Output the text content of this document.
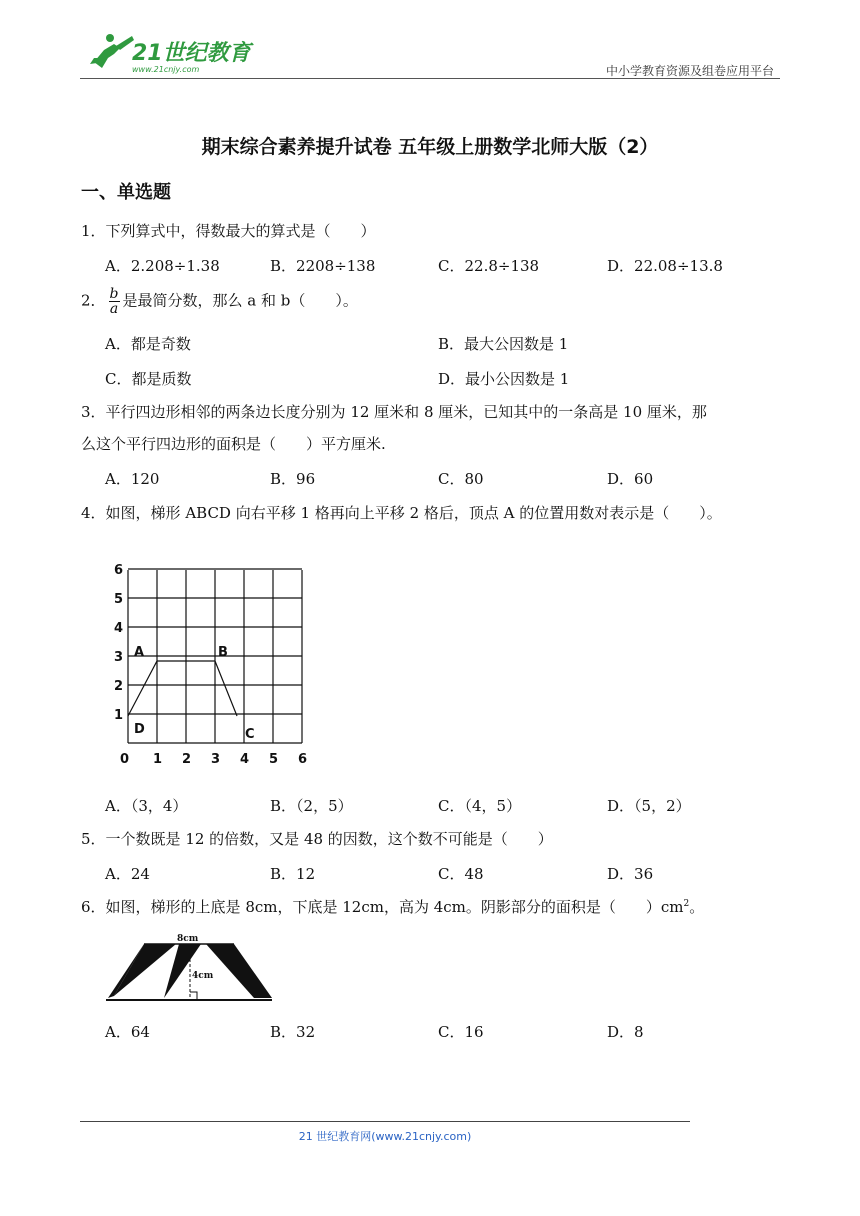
21世纪教育
www.21cnjy.com	中小学教育资源及组卷应用平台
期末综合素养提升试卷 五年级上册数学北师大版（2）
一、单选题
1．下列算式中，得数最大的算式是（　　）
A．2.208÷1.38	B．2208÷138	C．22.8÷138	D．22.08÷13.8
2． $\frac{b}{a}$ 是最简分数，那么 a 和 b（　　）。
A．都是奇数	B．最大公因数是 1
C．都是质数	D．最小公因数是 1
3．平行四边形相邻的两条边长度分别为 12 厘米和 8 厘米，已知其中的一条高是 10 厘米，那
么这个平行四边形的面积是（　　）平方厘米.
A．120	B．96	C．80	D．60
4．如图，梯形 ABCD 向右平移 1 格再向上平移 2 格后，顶点 A 的位置用数对表示是（　　）。
A	B
C
D
0 1 2 3 4 5 6
1
2
3
4
5
6
A．（3，4）	B．（2，5）	C．（4，5）	D．（5，2）
5．一个数既是 12 的倍数，又是 48 的因数，这个数不可能是（　　）
A．24	B．12	C．48	D．36
6．如图，梯形的上底是 8cm，下底是 12cm，高为 4cm。阴影部分的面积是（　　）$cm^2$。
8cm
4cm
A．64	B．32	C．16	D．8
21 世纪教育网(www.21cnjy.com)
